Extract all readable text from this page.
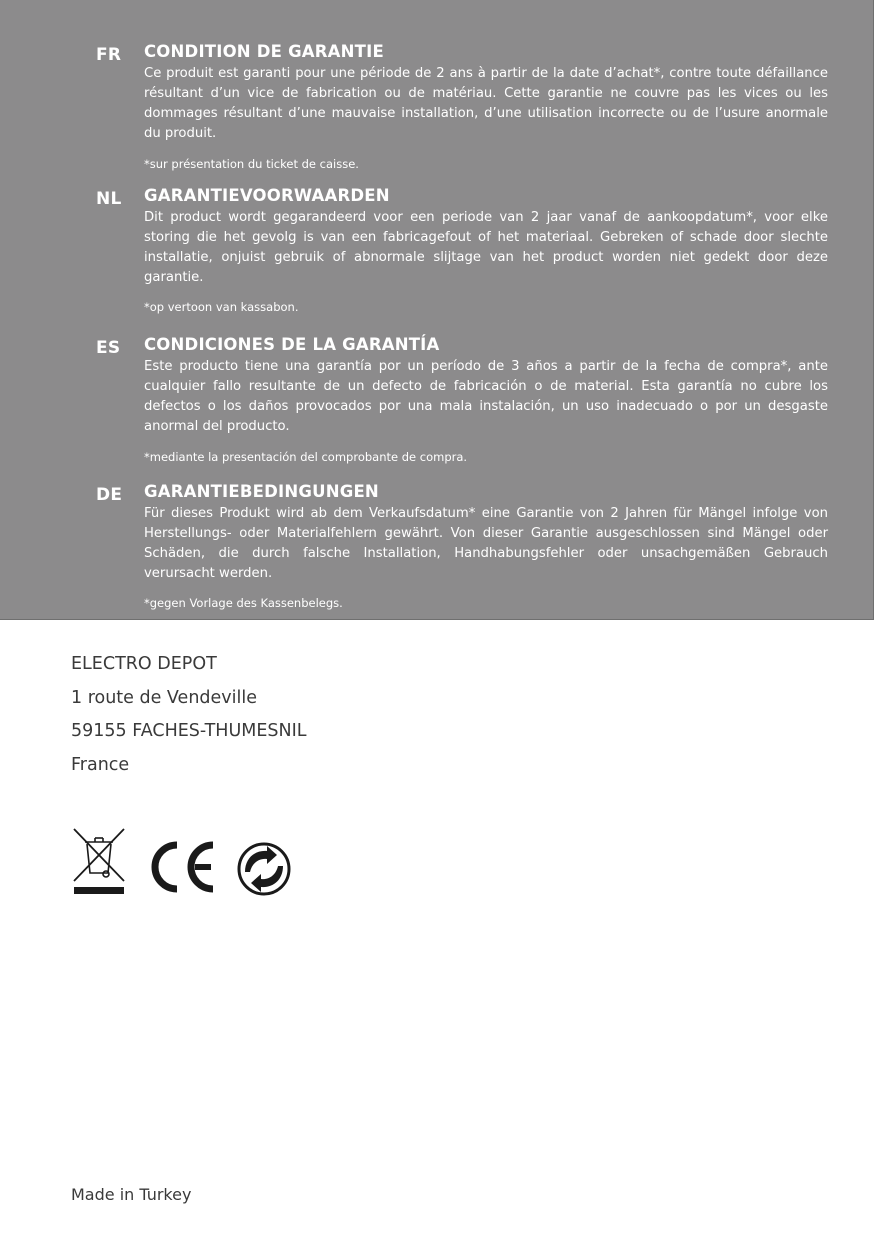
FR CONDITION DE GARANTIE
Ce produit est garanti pour une période de 2 ans à partir de la date d’achat*, contre toute défaillance résultant d’un vice de fabrication ou de matériau. Cette garantie ne couvre pas les vices ou les dommages résultant d’une mauvaise installation, d’une utilisation incorrecte ou de l’usure anormale du produit.
*sur présentation du ticket de caisse.
NL GARANTIEVOORWAARDEN
Dit product wordt gegarandeerd voor een periode van 2 jaar vanaf de aankoopdatum*, voor elke storing die het gevolg is van een fabricagefout of het materiaal. Gebreken of schade door slechte installatie, onjuist gebruik of abnormale slijtage van het product worden niet gedekt door deze garantie.
*op vertoon van kassabon.
ES CONDICIONES DE LA GARANTÍA
Este producto tiene una garantía por un período de 3 años a partir de la fecha de compra*, ante cualquier fallo resultante de un defecto de fabricación o de material. Esta garantía no cubre los defectos o los daños provocados por una mala instalación, un uso inadecuado o por un desgaste anormal del producto.
*mediante la presentación del comprobante de compra.
DE GARANTIEBEDINGUNGEN
Für dieses Produkt wird ab dem Verkaufsdatum* eine Garantie von 2 Jahren für Mängel infolge von Herstellungs- oder Materialfehlern gewährt. Von dieser Garantie ausgeschlossen sind Mängel oder Schäden, die durch falsche Installation, Handhabungsfehler oder unsachgemäßen Gebrauch verursacht werden.
*gegen Vorlage des Kassenbelegs.
ELECTRO DEPOT
1 route de Vendeville
59155 FACHES-THUMESNIL
France
Made in Turkey
